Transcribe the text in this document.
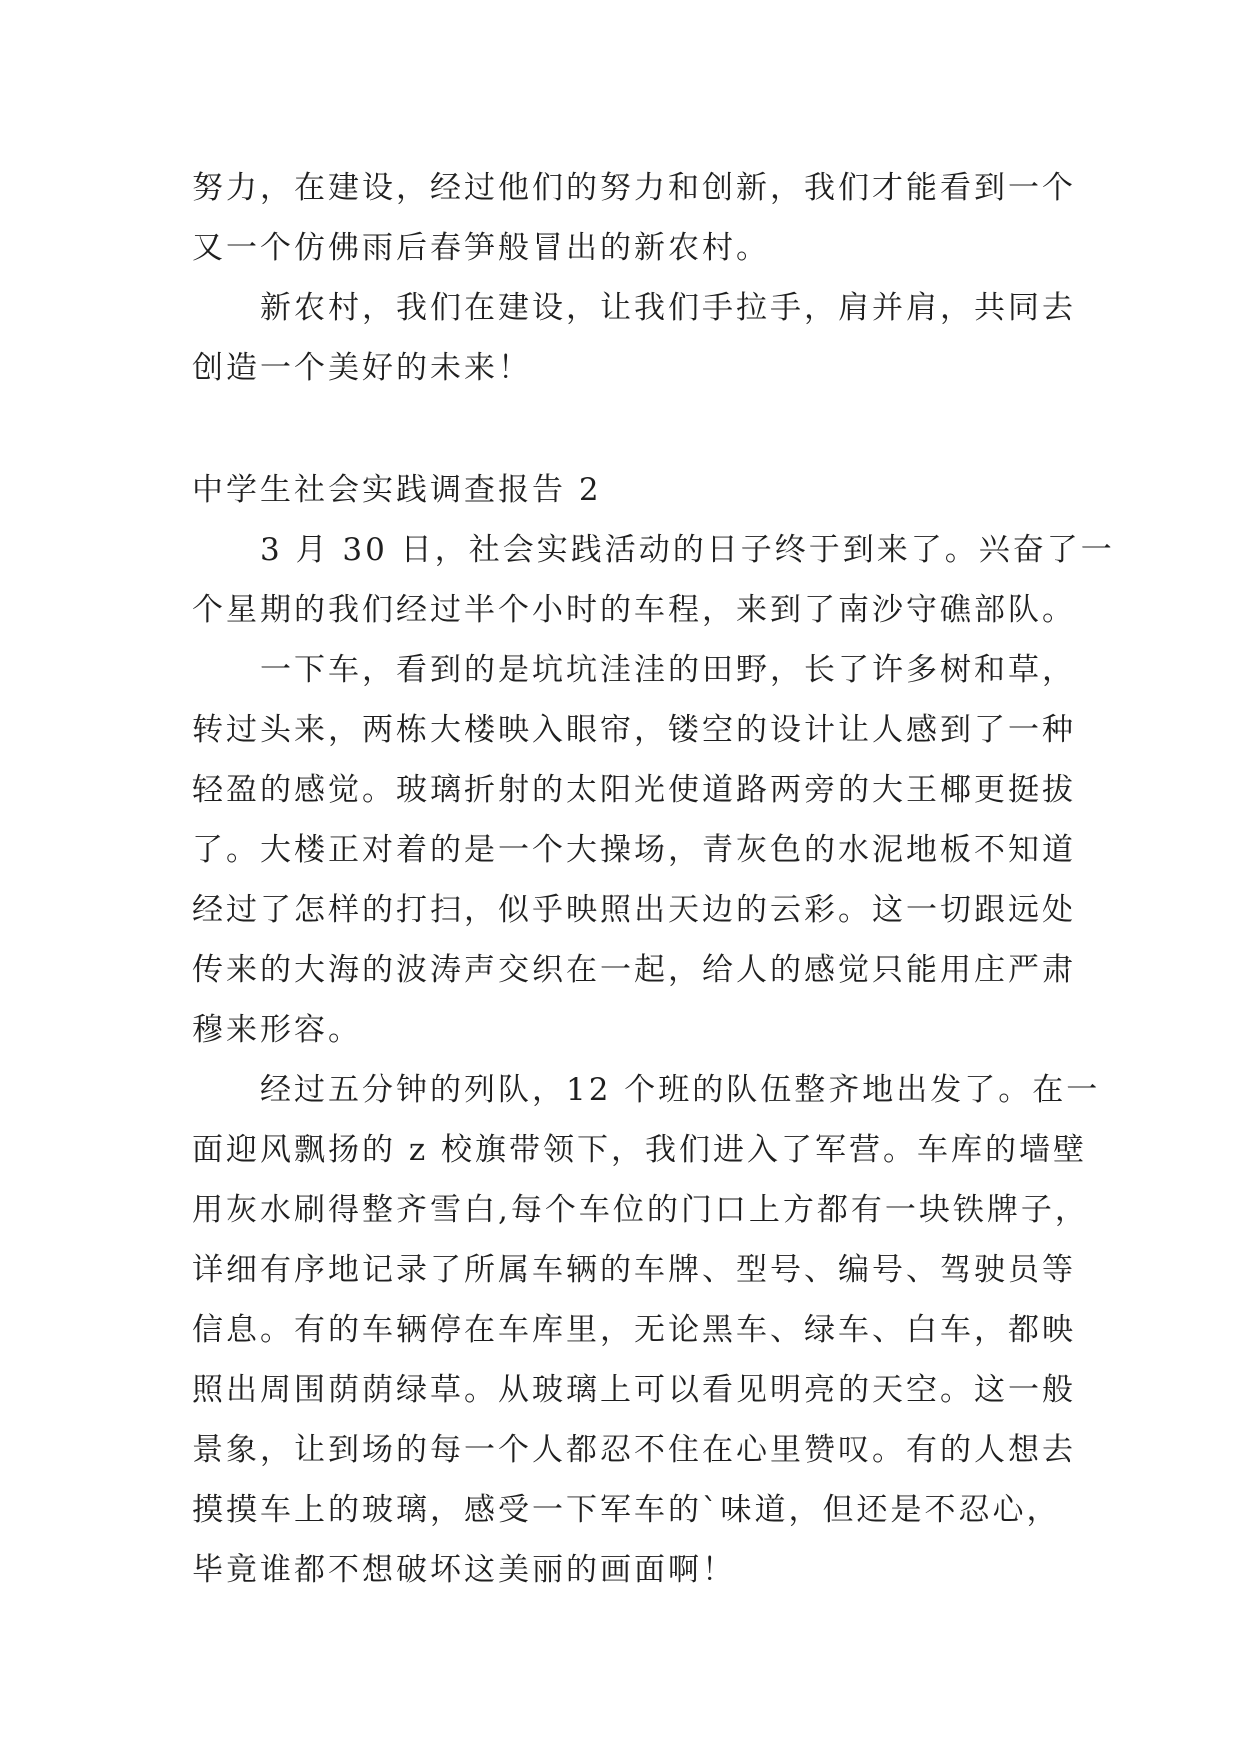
努力，在建设，经过他们的努力和创新，我们才能看到一个
又一个仿佛雨后春笋般冒出的新农村。
　　新农村，我们在建设，让我们手拉手，肩并肩，共同去
创造一个美好的未来！
中学生社会实践调查报告 2
　　3 月 30 日，社会实践活动的日子终于到来了。兴奋了一
个星期的我们经过半个小时的车程，来到了南沙守礁部队。
　　一下车，看到的是坑坑洼洼的田野，长了许多树和草，
转过头来，两栋大楼映入眼帘，镂空的设计让人感到了一种
轻盈的感觉。玻璃折射的太阳光使道路两旁的大王椰更挺拔
了。大楼正对着的是一个大操场，青灰色的水泥地板不知道
经过了怎样的打扫，似乎映照出天边的云彩。这一切跟远处
传来的大海的波涛声交织在一起，给人的感觉只能用庄严肃
穆来形容。
　　经过五分钟的列队，12 个班的队伍整齐地出发了。在一
面迎风飘扬的 z 校旗带领下，我们进入了军营。车库的墙壁
用灰水刷得整齐雪白,每个车位的门口上方都有一块铁牌子，
详细有序地记录了所属车辆的车牌、型号、编号、驾驶员等
信息。有的车辆停在车库里，无论黑车、绿车、白车，都映
照出周围荫荫绿草。从玻璃上可以看见明亮的天空。这一般
景象，让到场的每一个人都忍不住在心里赞叹。有的人想去
摸摸车上的玻璃，感受一下军车的`味道，但还是不忍心，
毕竟谁都不想破坏这美丽的画面啊！
